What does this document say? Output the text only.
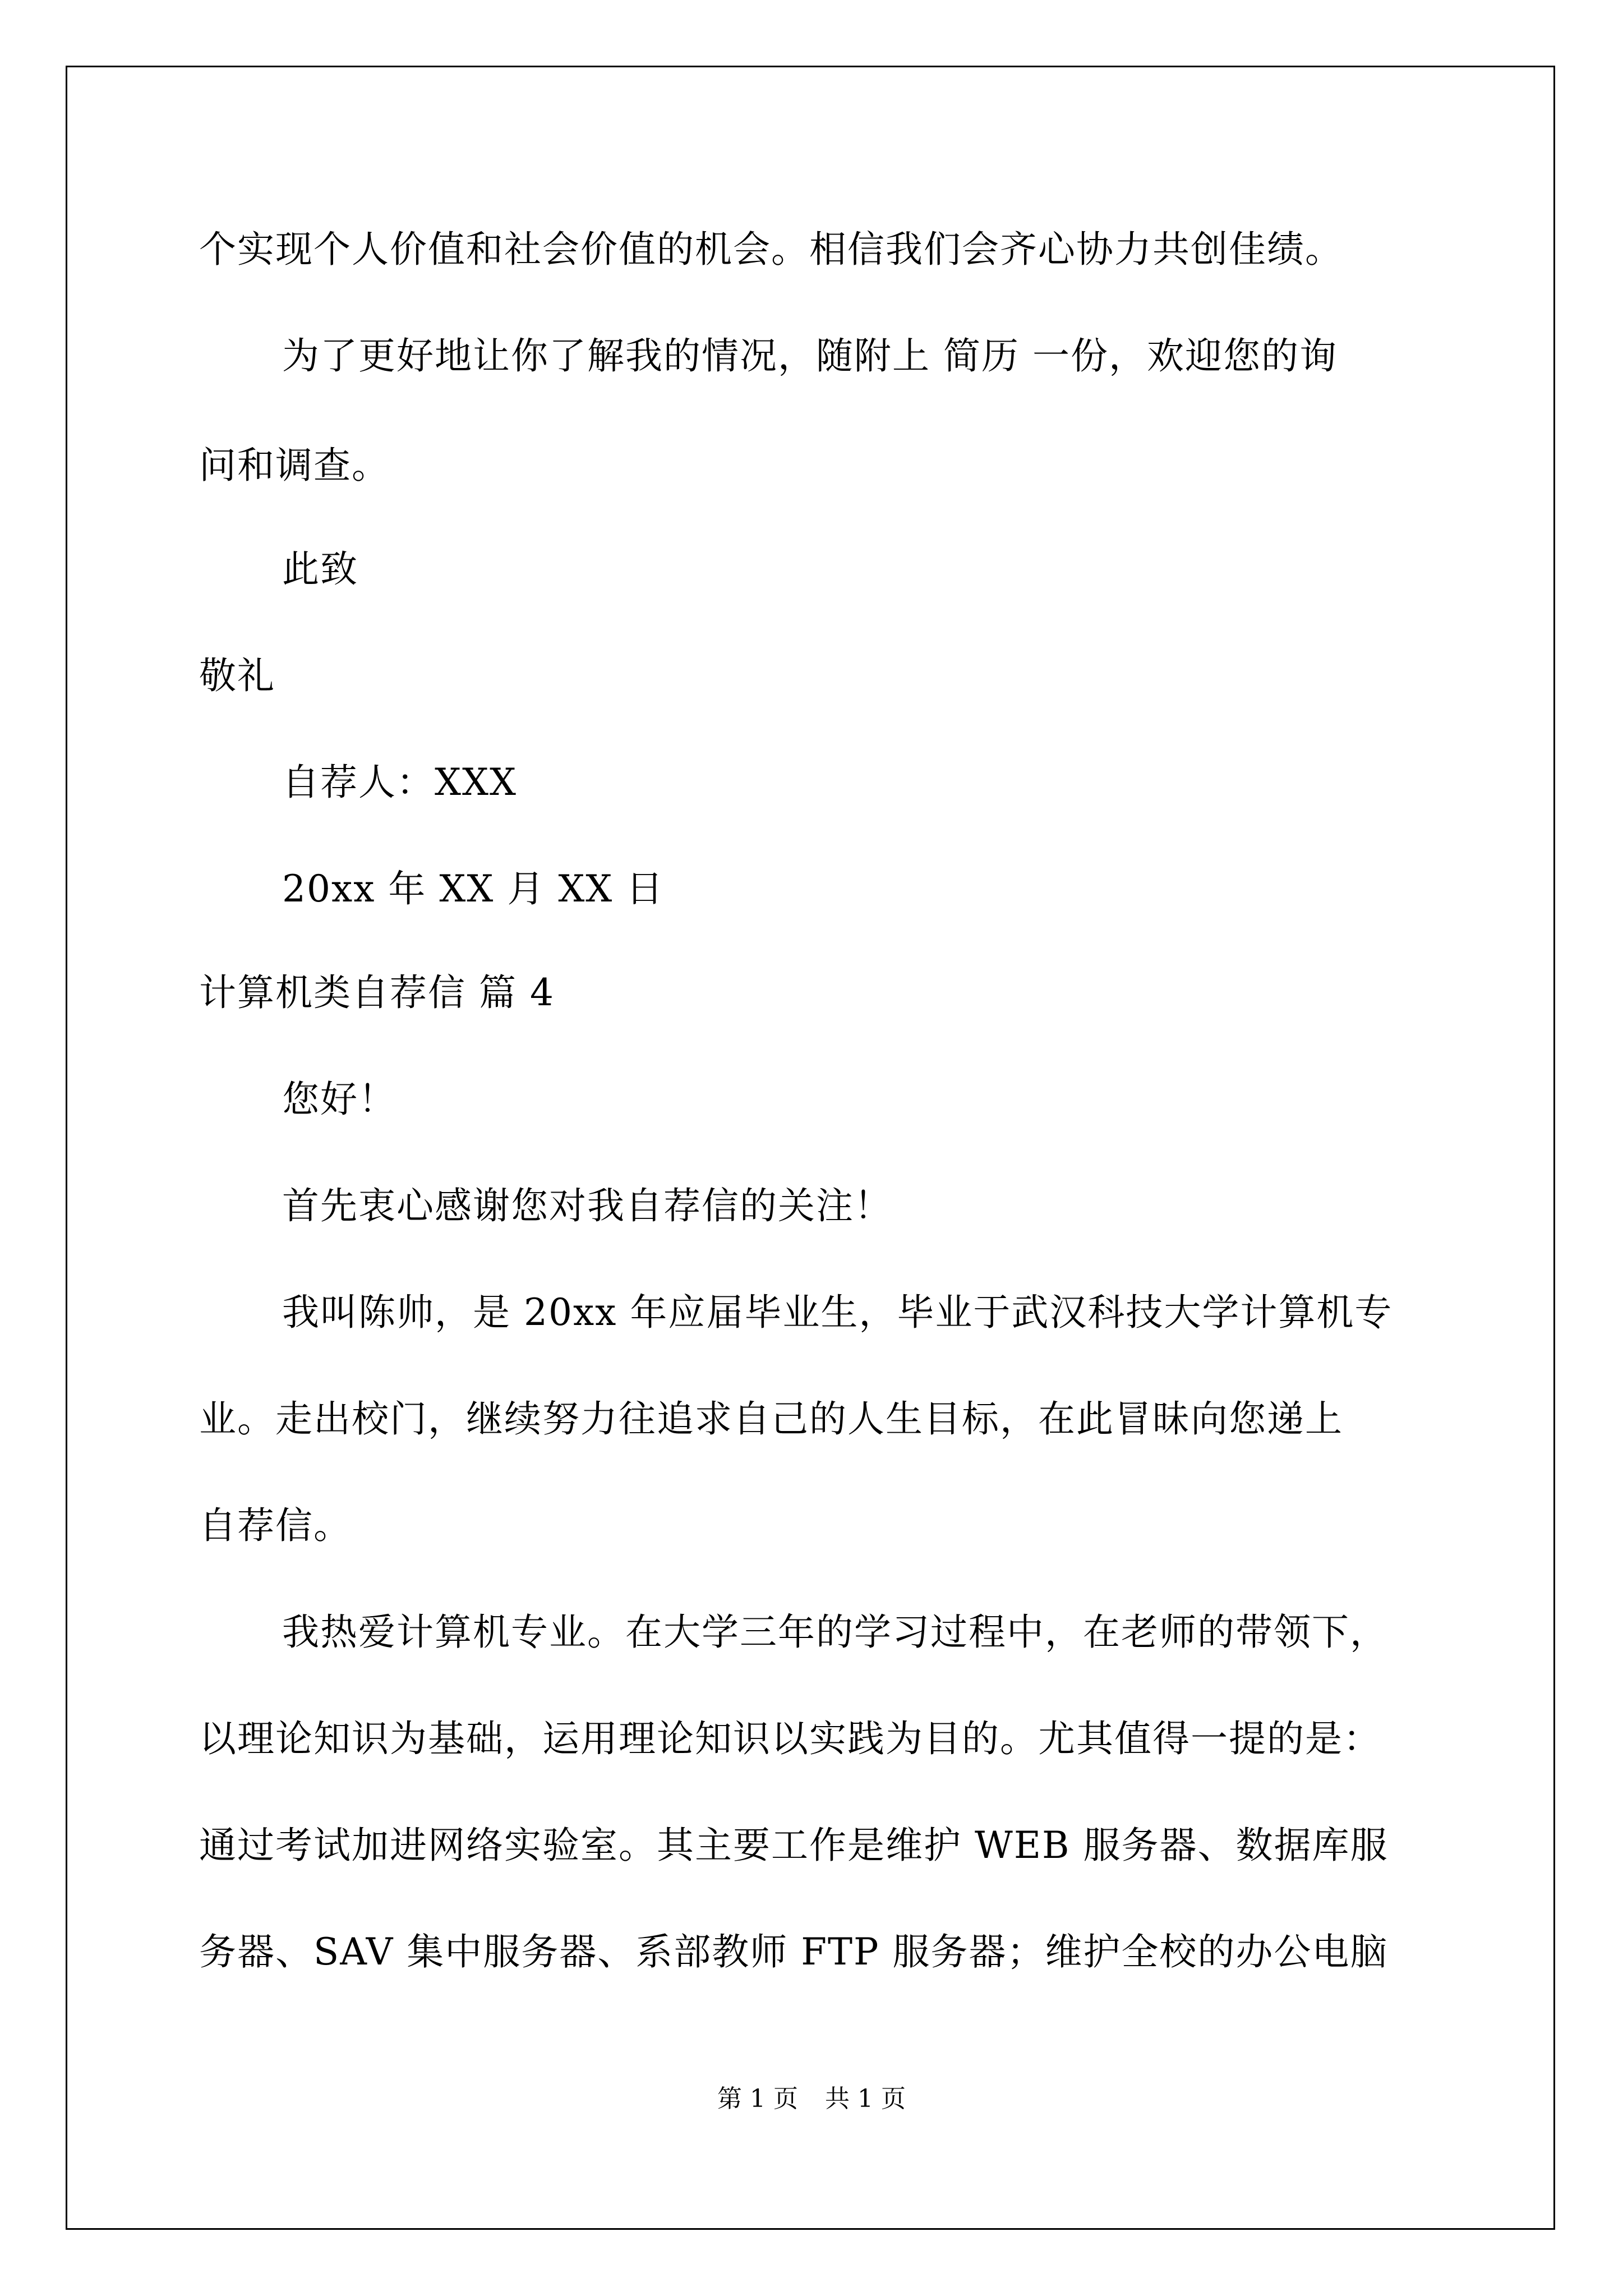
个实现个人价值和社会价值的机会。相信我们会齐心协力共创佳绩。
为了更好地让你了解我的情况，随附上 简历 一份，欢迎您的询
问和调查。
此致
敬礼
自荐人：XXX
20xx 年 XX 月 XX 日
计算机类自荐信 篇 4
您好！
首先衷心感谢您对我自荐信的关注！
我叫陈帅，是 20xx 年应届毕业生，毕业于武汉科技大学计算机专
业。走出校门，继续努力往追求自己的人生目标，在此冒昧向您递上
自荐信。
我热爱计算机专业。在大学三年的学习过程中，在老师的带领下，
以理论知识为基础，运用理论知识以实践为目的。尤其值得一提的是：
通过考试加进网络实验室。其主要工作是维护 WEB 服务器、数据库服
务器、SAV 集中服务器、系部教师 FTP 服务器；维护全校的办公电脑
第 1 页 共 1 页
